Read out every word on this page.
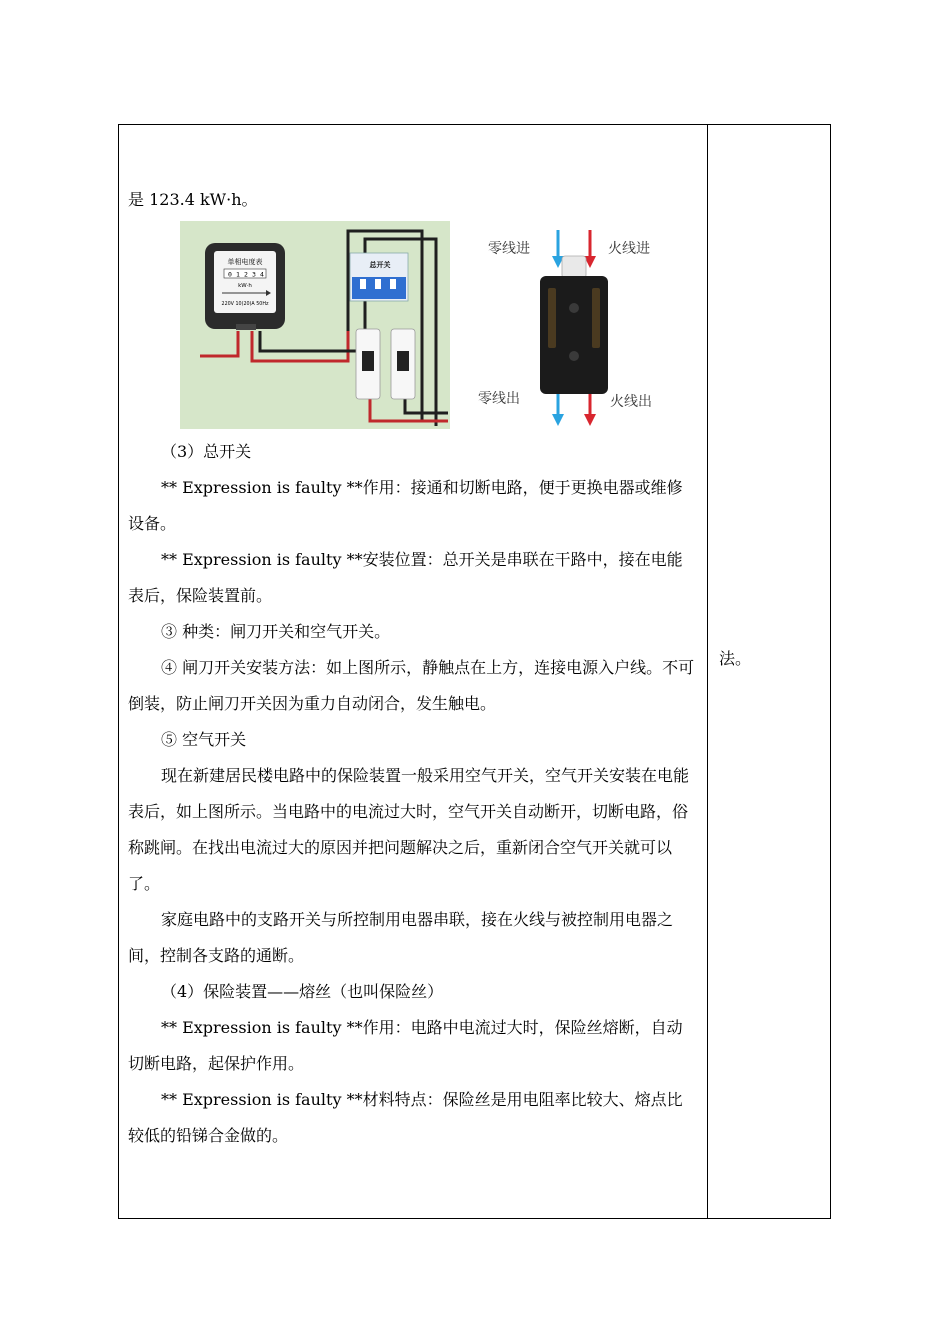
法。

是 123.4 kW·h。

单相电度表
0 1 2 3 4
kW·h
220V 10(20)A 50Hz
总开关
零线进	火线进
零线出	火线出

（3）总开关

** Expression is faulty **作用：接通和切断电路，便于更换电器或维修设备。

** Expression is faulty **安装位置：总开关是串联在干路中，接在电能表后，保险装置前。

③ 种类：闸刀开关和空气开关。

④ 闸刀开关安装方法：如上图所示，静触点在上方，连接电源入户线。不可倒装，防止闸刀开关因为重力自动闭合，发生触电。

⑤ 空气开关

现在新建居民楼电路中的保险装置一般采用空气开关，空气开关安装在电能表后，如上图所示。当电路中的电流过大时，空气开关自动断开，切断电路，俗称跳闸。在找出电流过大的原因并把问题解决之后，重新闭合空气开关就可以了。

家庭电路中的支路开关与所控制用电器串联，接在火线与被控制用电器之间，控制各支路的通断。

（4）保险装置——熔丝（也叫保险丝）

** Expression is faulty **作用：电路中电流过大时，保险丝熔断，自动切断电路，起保护作用。

** Expression is faulty **材料特点：保险丝是用电阻率比较大、熔点比较低的铅锑合金做的。
